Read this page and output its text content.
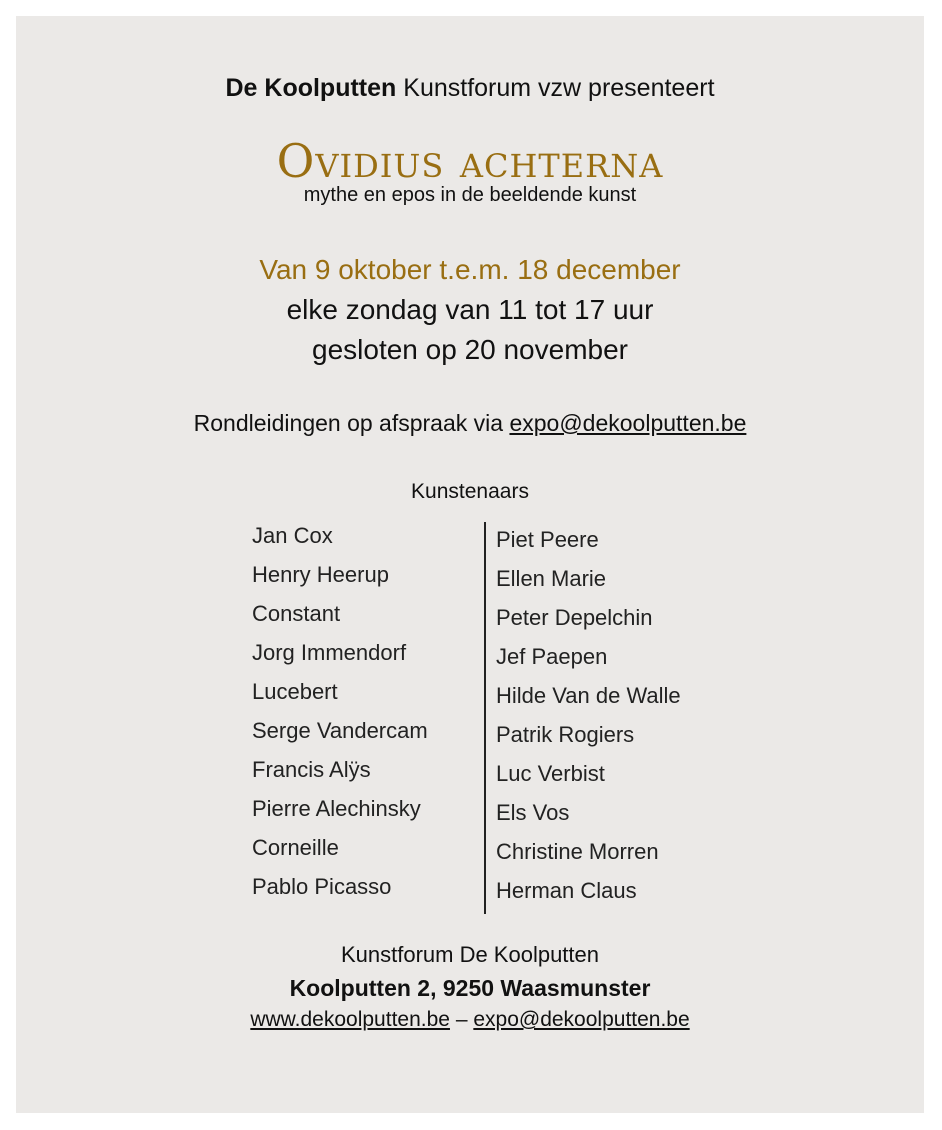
De Koolputten Kunstforum vzw presenteert
Ovidius achterna
mythe en epos in de beeldende kunst
Van 9 oktober t.e.m. 18 december
elke zondag van 11 tot 17 uur
gesloten op 20 november
Rondleidingen op afspraak via expo@dekoolputten.be
Kunstenaars
Jan Cox
Henry Heerup
Constant
Jorg Immendorf
Lucebert
Serge Vandercam
Francis Alÿs
Pierre Alechinsky
Corneille
Pablo Picasso
Piet Peere
Ellen Marie
Peter Depelchin
Jef Paepen
Hilde Van de Walle
Patrik Rogiers
Luc Verbist
Els Vos
Christine Morren
Herman Claus
Kunstforum De Koolputten
Koolputten 2, 9250 Waasmunster
www.dekoolputten.be – expo@dekoolputten.be
